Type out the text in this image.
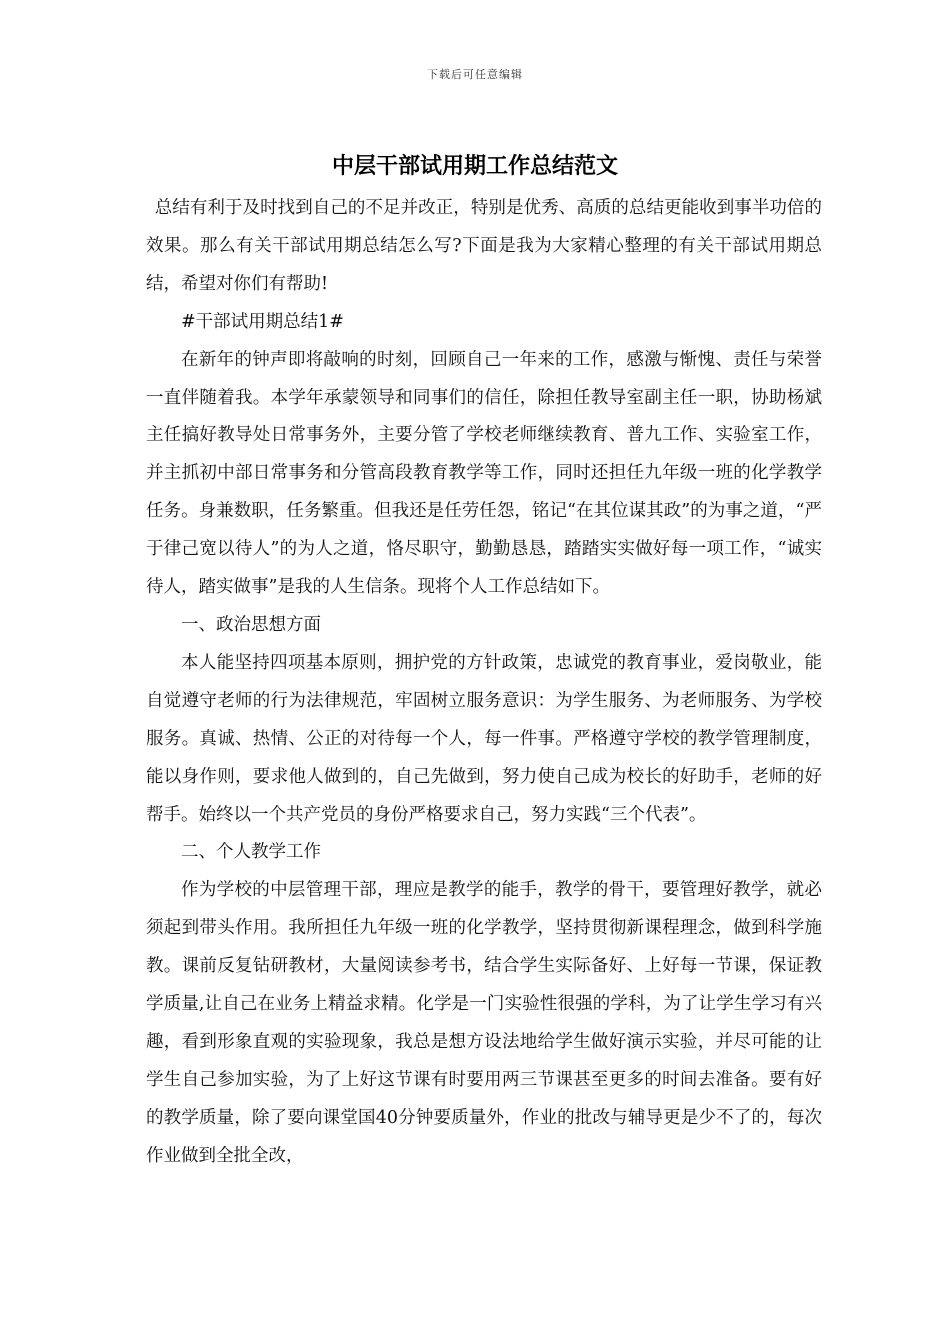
下载后可任意编辑
中层干部试用期工作总结范文

总结有利于及时找到自己的不足并改正，特别是优秀、高质的总结更能收到事半功倍的效果。那么有关干部试用期总结怎么写?下面是我为大家精心整理的有关干部试用期总结，希望对你们有帮助!

#干部试用期总结1#

在新年的钟声即将敲响的时刻，回顾自己一年来的工作，感激与惭愧、责任与荣誉一直伴随着我。本学年承蒙领导和同事们的信任，除担任教导室副主任一职，协助杨斌主任搞好教导处日常事务外，主要分管了学校老师继续教育、普九工作、实验室工作，并主抓初中部日常事务和分管高段教育教学等工作，同时还担任九年级一班的化学教学任务。身兼数职，任务繁重。但我还是任劳任怨，铭记“在其位谋其政”的为事之道，“严于律己宽以待人”的为人之道，恪尽职守，勤勤恳恳，踏踏实实做好每一项工作，“诚实待人，踏实做事”是我的人生信条。现将个人工作总结如下。

一、政治思想方面

本人能坚持四项基本原则，拥护党的方针政策，忠诚党的教育事业，爱岗敬业，能自觉遵守老师的行为法律规范，牢固树立服务意识：为学生服务、为老师服务、为学校服务。真诚、热情、公正的对待每一个人，每一件事。严格遵守学校的教学管理制度，能以身作则，要求他人做到的，自己先做到，努力使自己成为校长的好助手，老师的好帮手。始终以一个共产党员的身份严格要求自己，努力实践“三个代表”。

二、个人教学工作

作为学校的中层管理干部，理应是教学的能手，教学的骨干，要管理好教学，就必须起到带头作用。我所担任九年级一班的化学教学，坚持贯彻新课程理念，做到科学施教。课前反复钻研教材，大量阅读参考书，结合学生实际备好、上好每一节课，保证教学质量,让自己在业务上精益求精。化学是一门实验性很强的学科，为了让学生学习有兴趣，看到形象直观的实验现象，我总是想方设法地给学生做好演示实验，并尽可能的让学生自己参加实验，为了上好这节课有时要用两三节课甚至更多的时间去准备。要有好的教学质量，除了要向课堂国40分钟要质量外，作业的批改与辅导更是少不了的，每次作业做到全批全改，
